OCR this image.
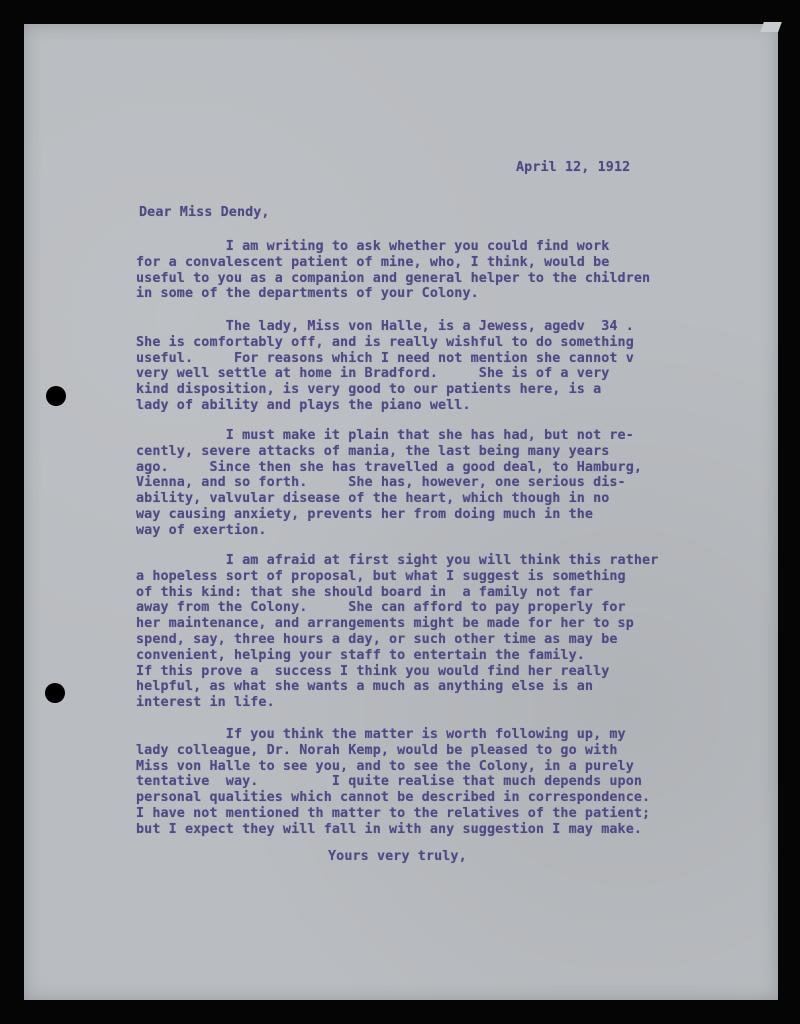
April 12, 1912
Dear Miss Dendy,
I am writing to ask whether you could find work
for a convalescent patient of mine, who, I think, would be
useful to you as a companion and general helper to the children
in some of the departments of your Colony.
The lady, Miss von Halle, is a Jewess, agedv  34 .
She is comfortably off, and is really wishful to do something
useful.     For reasons which I need not mention she cannot v
very well settle at home in Bradford.     She is of a very
kind disposition, is very good to our patients here, is a
lady of ability and plays the piano well.
I must make it plain that she has had, but not re-
cently, severe attacks of mania, the last being many years
ago.     Since then she has travelled a good deal, to Hamburg,
Vienna, and so forth.     She has, however, one serious dis-
ability, valvular disease of the heart, which though in no
way causing anxiety, prevents her from doing much in the
way of exertion.
I am afraid at first sight you will think this rather
a hopeless sort of proposal, but what I suggest is something
of this kind: that she should board in  a family not far
away from the Colony.     She can afford to pay properly for
her maintenance, and arrangements might be made for her to sp
spend, say, three hours a day, or such other time as may be
convenient, helping your staff to entertain the family.
If this prove a  success I think you would find her really
helpful, as what she wants a much as anything else is an
interest in life.
If you think the matter is worth following up, my
lady colleague, Dr. Norah Kemp, would be pleased to go with
Miss von Halle to see you, and to see the Colony, in a purely
tentative  way.         I quite realise that much depends upon
personal qualities which cannot be described in correspondence.
I have not mentioned th matter to the relatives of the patient;
but I expect they will fall in with any suggestion I may make.
Yours very truly,
